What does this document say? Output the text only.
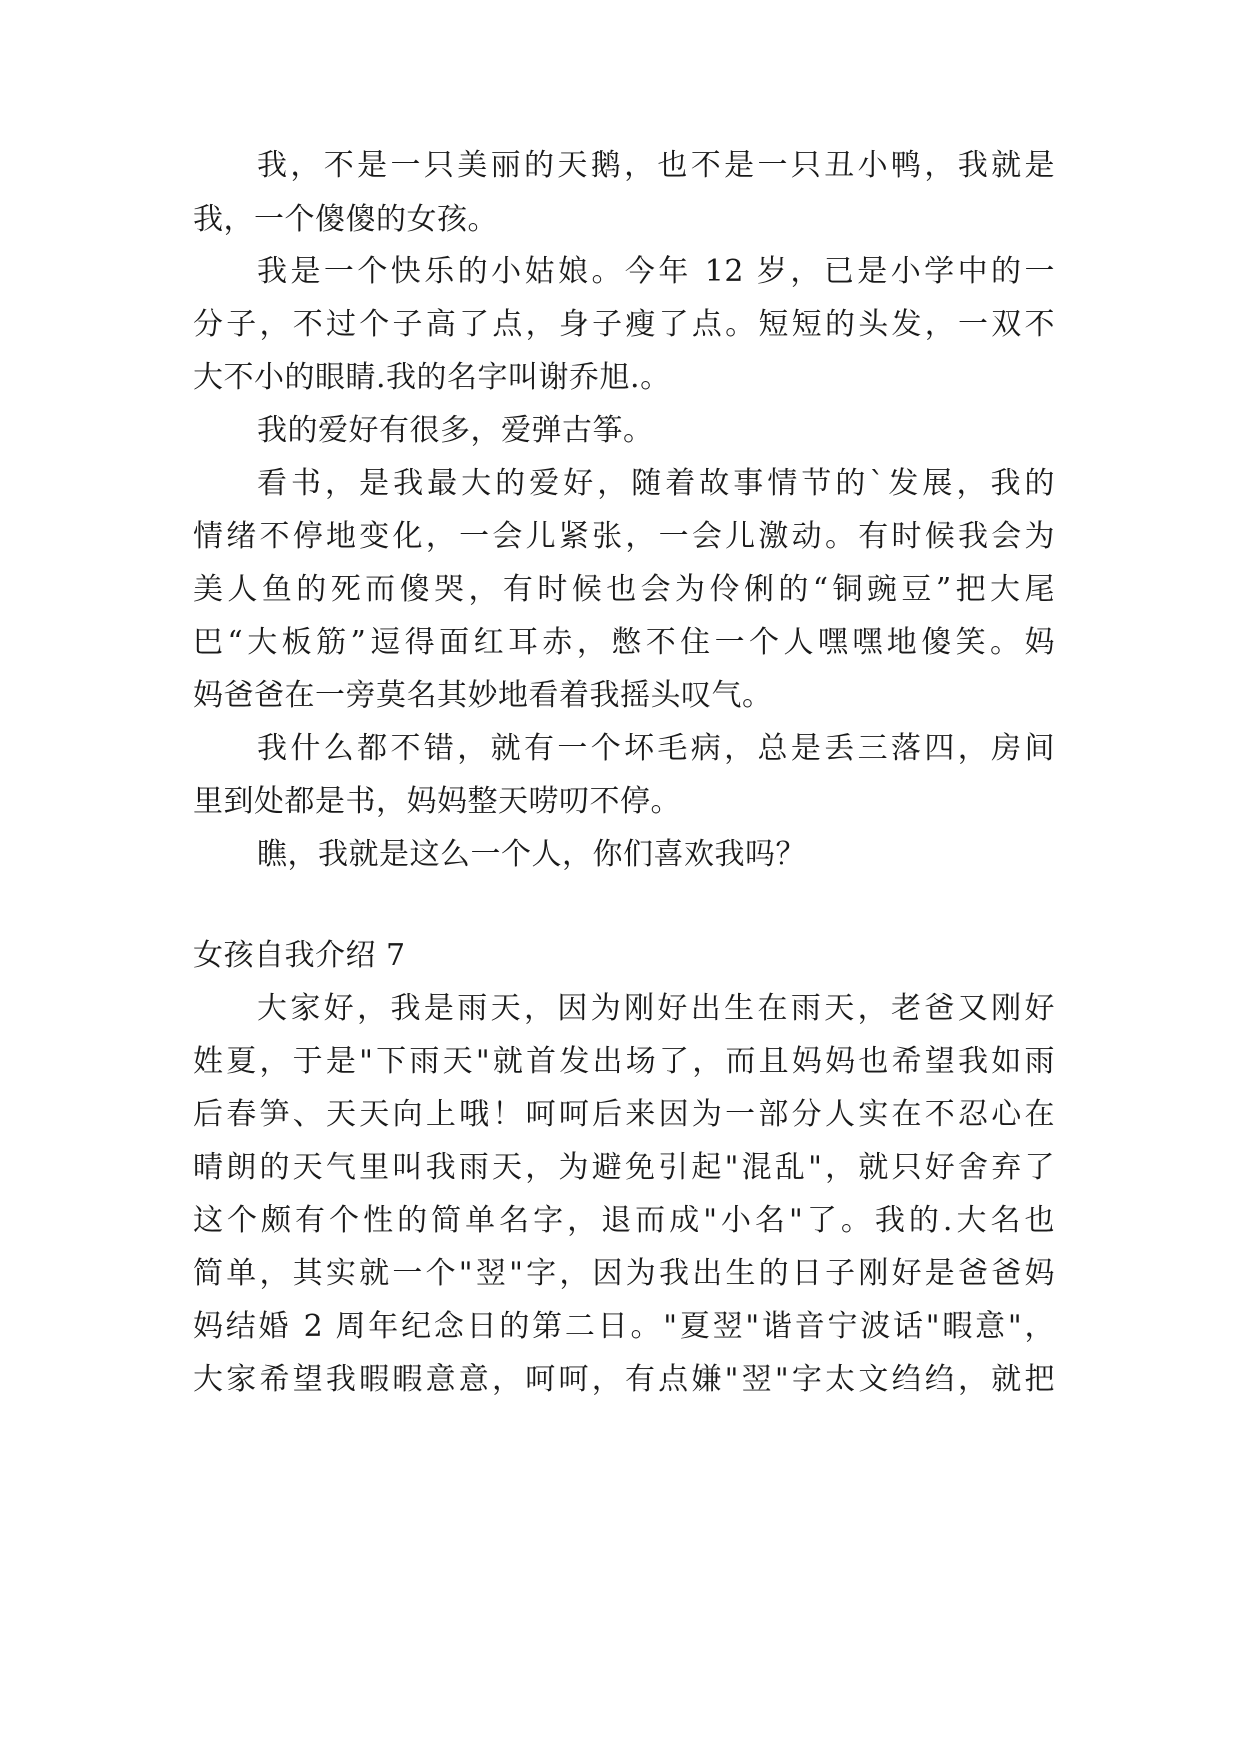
我，不是一只美丽的天鹅，也不是一只丑小鸭，我就是
我，一个傻傻的女孩。
我是一个快乐的小姑娘。今年 12 岁，已是小学中的一
分子，不过个子高了点，身子瘦了点。短短的头发，一双不
大不小的眼睛.我的名字叫谢乔旭.。
我的爱好有很多，爱弹古筝。
看书，是我最大的爱好，随着故事情节的`发展，我的
情绪不停地变化，一会儿紧张，一会儿激动。有时候我会为
美人鱼的死而傻哭，有时候也会为伶俐的“铜豌豆”把大尾
巴“大板筋”逗得面红耳赤，憋不住一个人嘿嘿地傻笑。妈
妈爸爸在一旁莫名其妙地看着我摇头叹气。
我什么都不错，就有一个坏毛病，总是丢三落四，房间
里到处都是书，妈妈整天唠叨不停。
瞧，我就是这么一个人，你们喜欢我吗？
女孩自我介绍 7
大家好，我是雨天，因为刚好出生在雨天，老爸又刚好
姓夏，于是"下雨天"就首发出场了，而且妈妈也希望我如雨
后春笋、天天向上哦！呵呵后来因为一部分人实在不忍心在
晴朗的天气里叫我雨天，为避免引起"混乱"，就只好舍弃了
这个颇有个性的简单名字，退而成"小名"了。我的.大名也
简单，其实就一个"翌"字，因为我出生的日子刚好是爸爸妈
妈结婚 2 周年纪念日的第二日。"夏翌"谐音宁波话"暇意"，
大家希望我暇暇意意，呵呵，有点嫌"翌"字太文绉绉，就把
